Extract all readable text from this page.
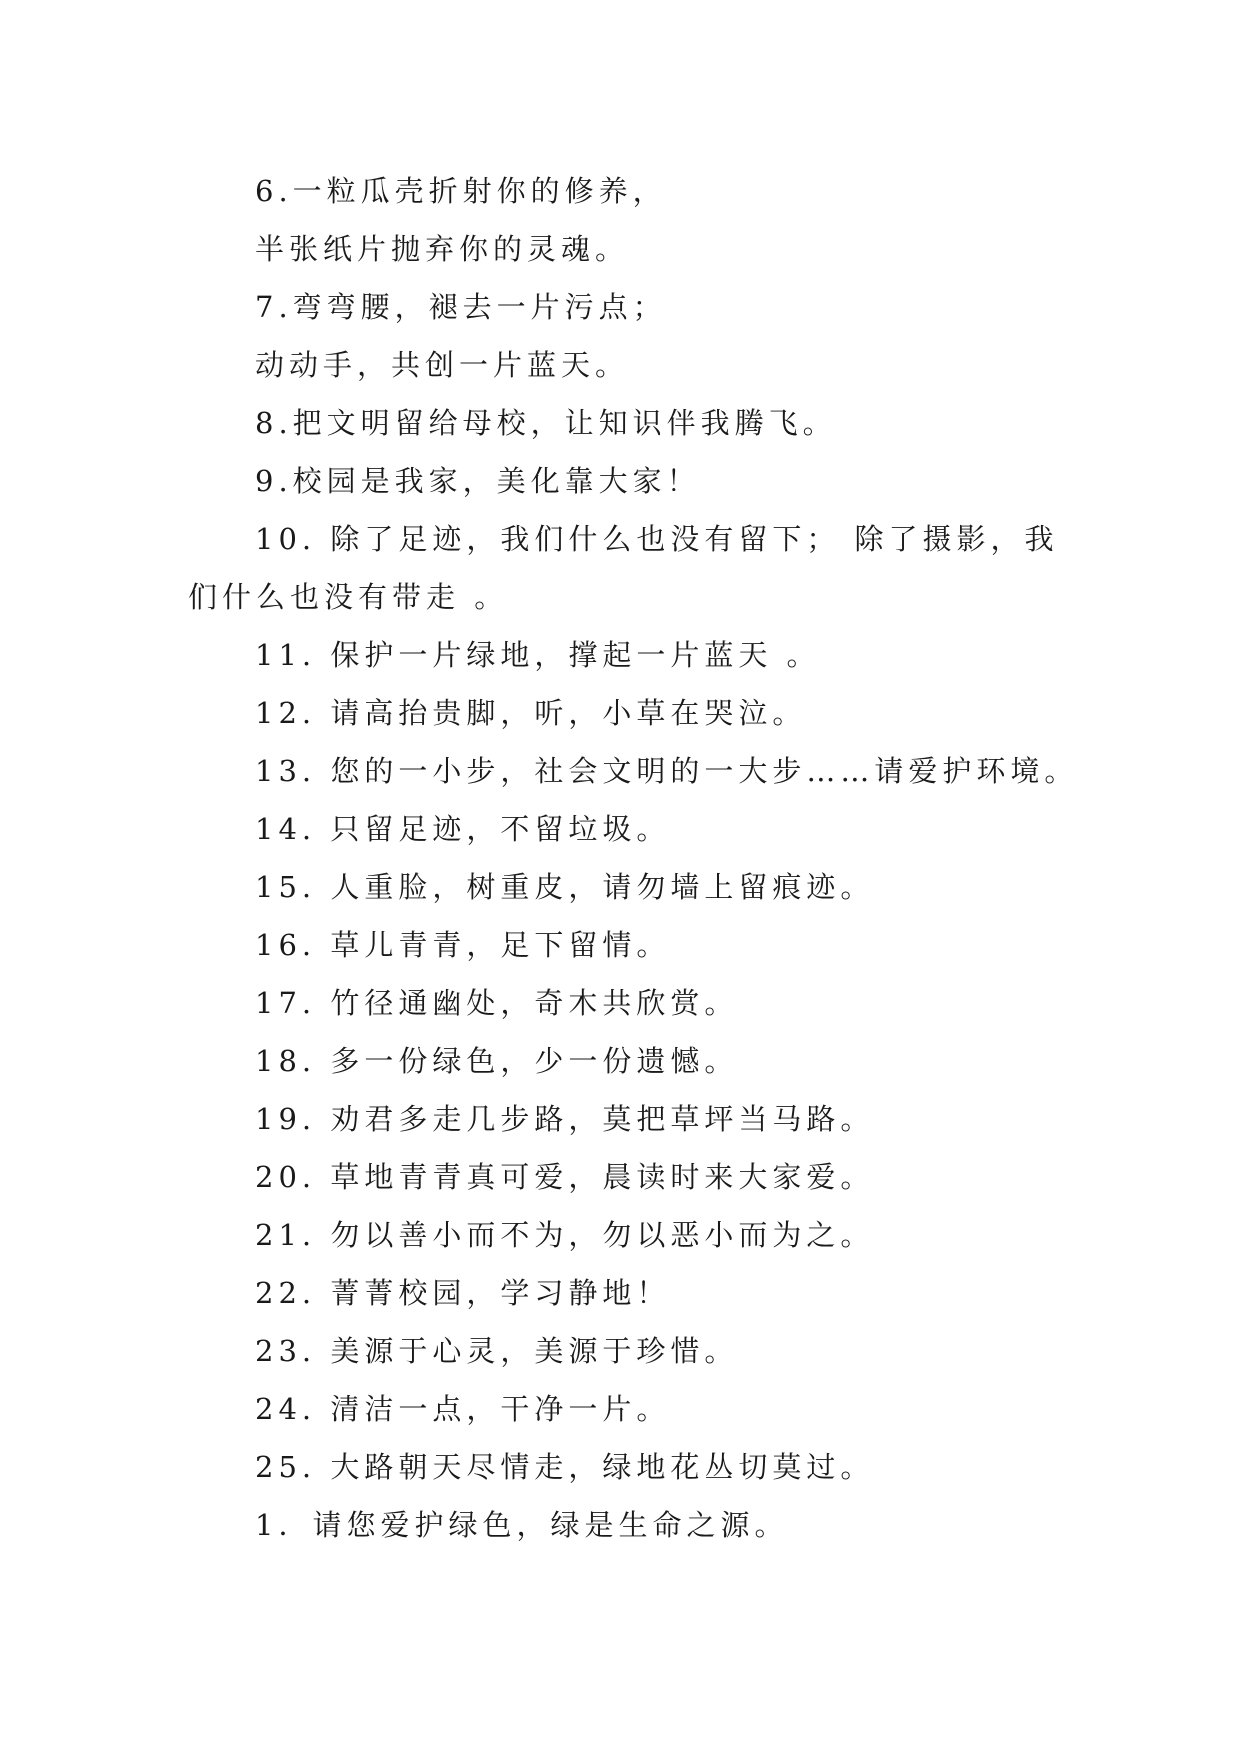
6.一粒瓜壳折射你的修养，
半张纸片抛弃你的灵魂。
7.弯弯腰，褪去一片污点；
动动手，共创一片蓝天。
8.把文明留给母校，让知识伴我腾飞。
9.校园是我家，美化靠大家！
10. 除了足迹，我们什么也没有留下； 除了摄影，我
们什么也没有带走 。
11. 保护一片绿地，撑起一片蓝天 。
12. 请高抬贵脚，听，小草在哭泣。
13. 您的一小步，社会文明的一大步……请爱护环境。
14. 只留足迹，不留垃圾。
15. 人重脸，树重皮，请勿墙上留痕迹。
16. 草儿青青，足下留情。
17. 竹径通幽处，奇木共欣赏。
18. 多一份绿色，少一份遗憾。
19. 劝君多走几步路，莫把草坪当马路。
20. 草地青青真可爱，晨读时来大家爱。
21. 勿以善小而不为，勿以恶小而为之。
22. 菁菁校园，学习静地！
23. 美源于心灵，美源于珍惜。
24. 清洁一点，干净一片。
25. 大路朝天尽情走，绿地花丛切莫过。
1．请您爱护绿色，绿是生命之源。
